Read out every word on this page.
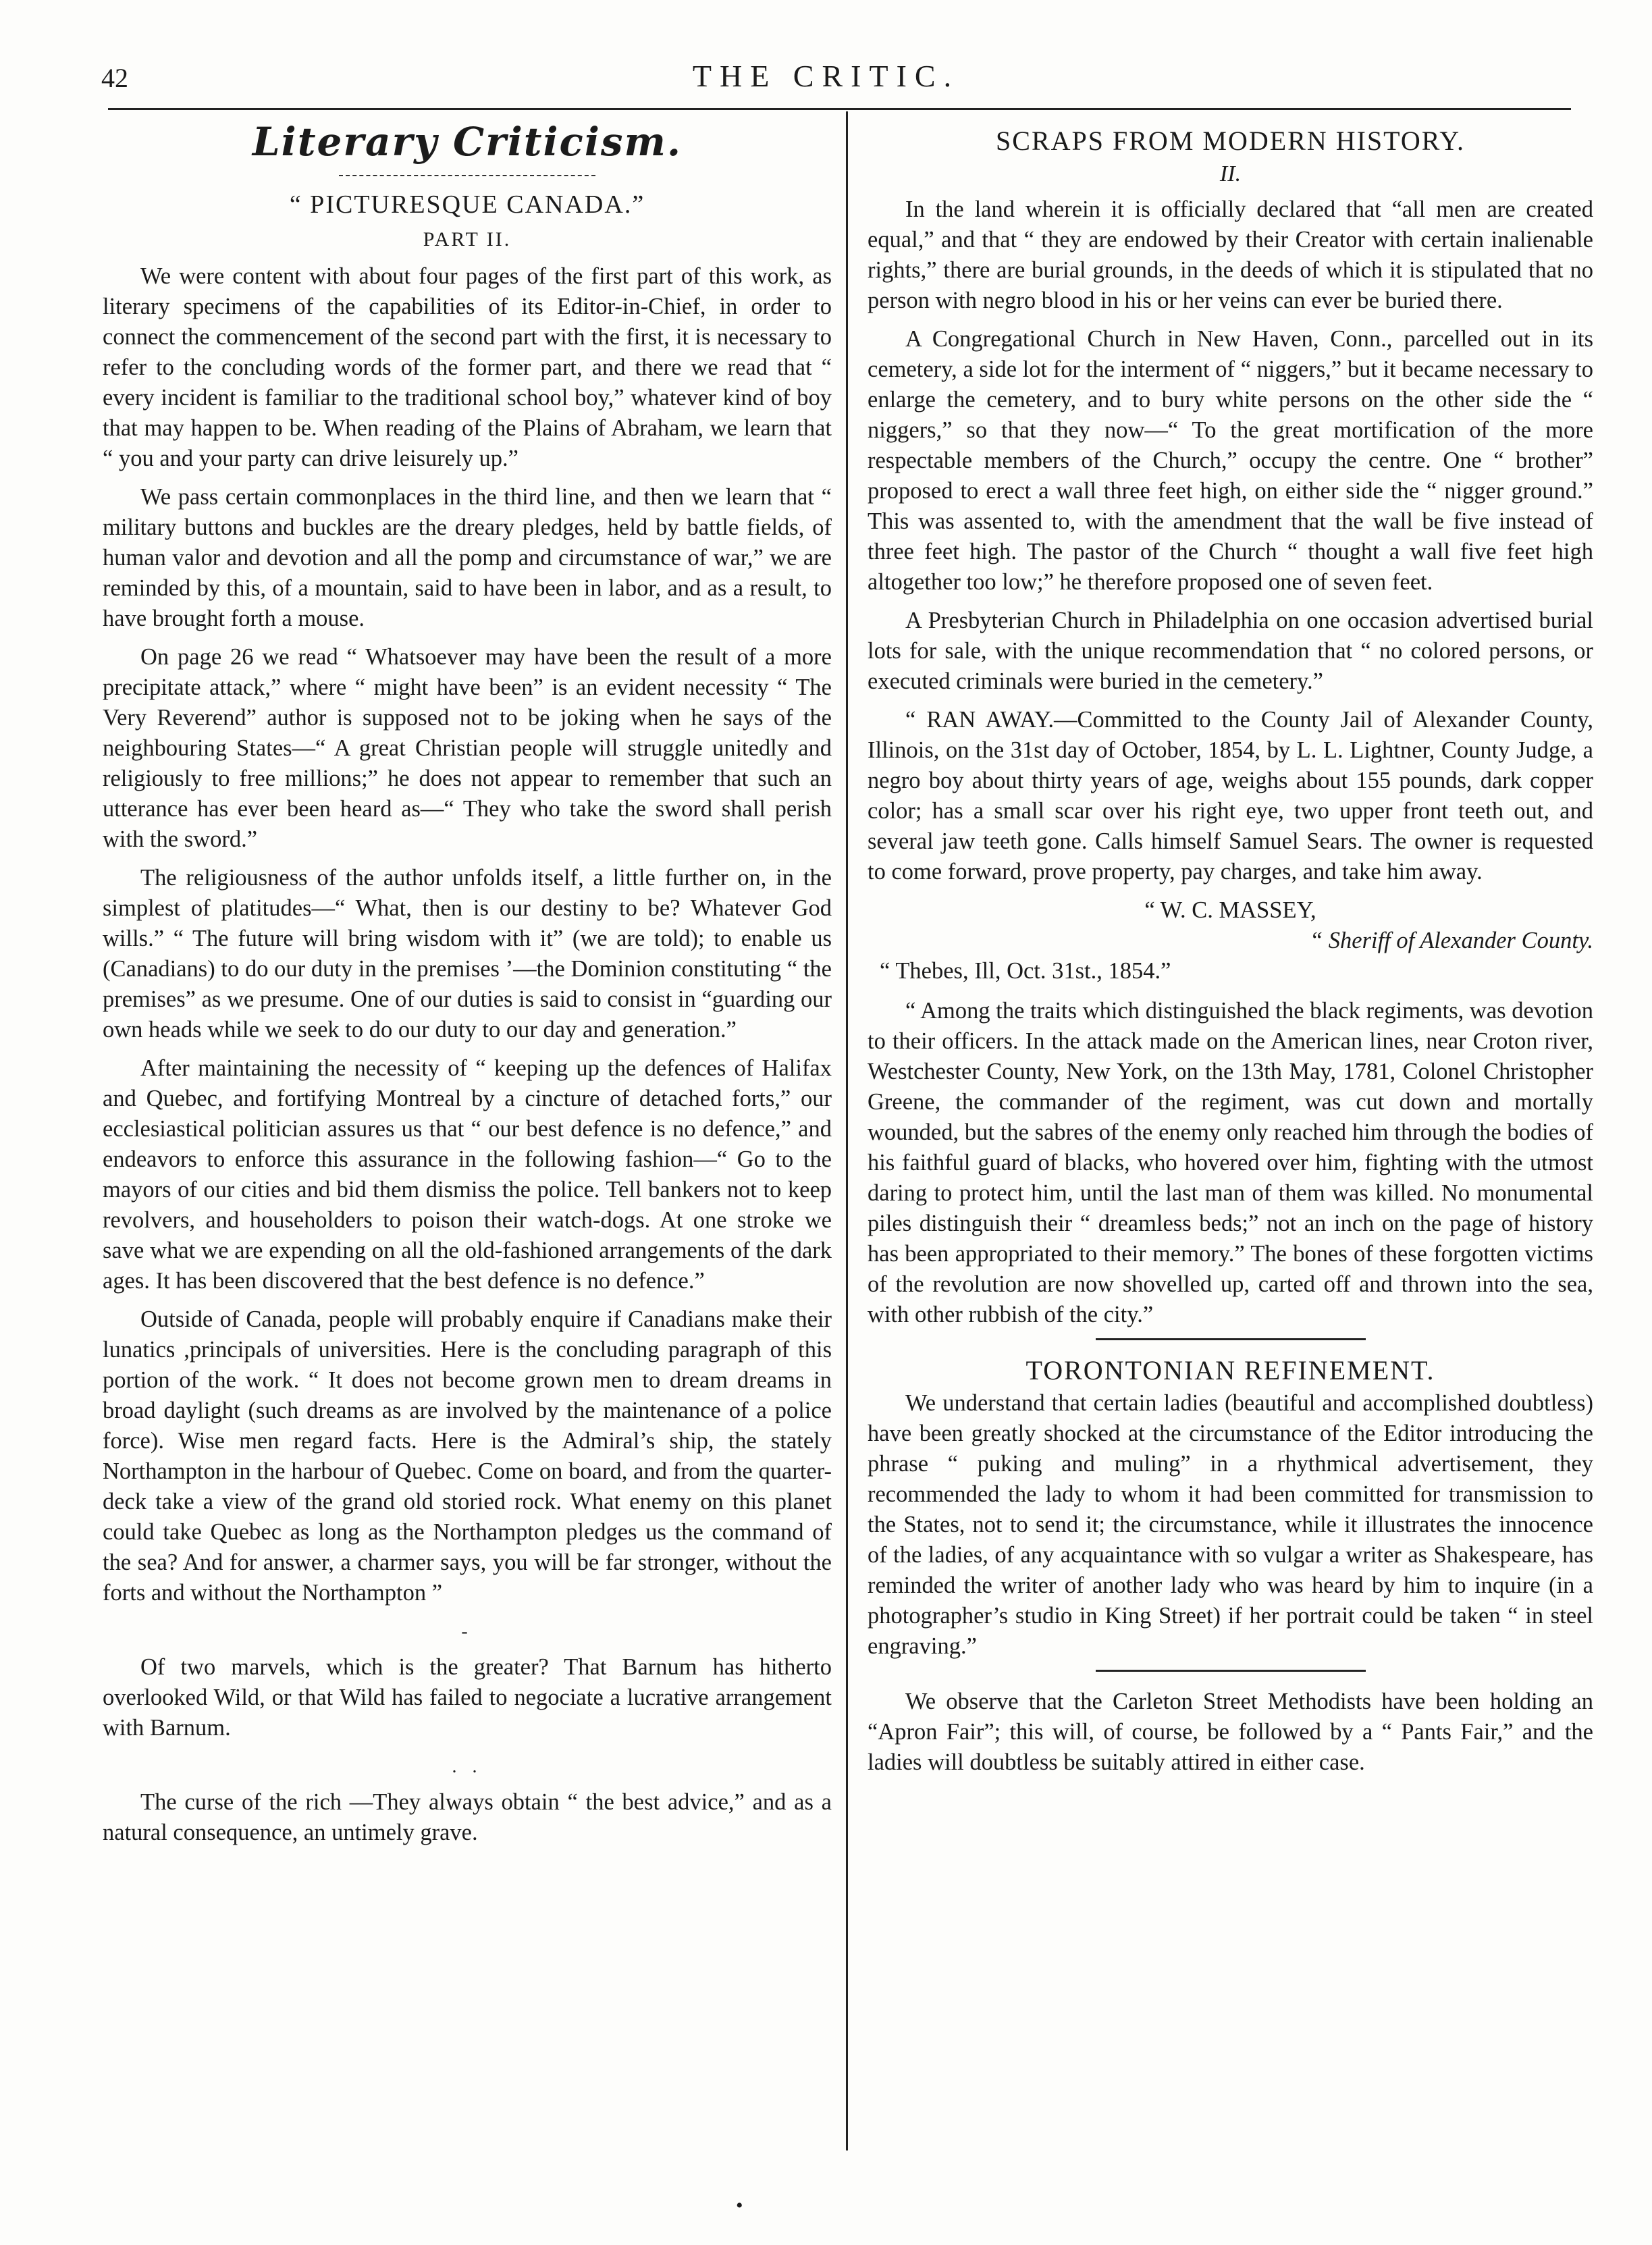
42	THE CRITIC.
Literary Criticism.
“ PICTURESQUE CANADA.”
PART II.

We were content with about four pages of the first part of this work, as literary specimens of the capabilities of its Editor-in-Chief, in order to connect the commencement of the second part with the first, it is necessary to refer to the concluding words of the former part, and there we read that “ every incident is familiar to the traditional school boy,” whatever kind of boy that may happen to be. When reading of the Plains of Abraham, we learn that “ you and your party can drive leisurely up.”

We pass certain commonplaces in the third line, and then we learn that “ military buttons and buckles are the dreary pledges, held by battle fields, of human valor and devotion and all the pomp and circumstance of war,” we are reminded by this, of a mountain, said to have been in labor, and as a result, to have brought forth a mouse.

On page 26 we read “ Whatsoever may have been the result of a more precipitate attack,” where “ might have been” is an evident necessity “ The Very Reverend” author is supposed not to be joking when he says of the neighbouring States—“ A great Christian people will struggle unitedly and religiously to free millions;” he does not appear to remember that such an utterance has ever been heard as—“ They who take the sword shall perish with the sword.”

The religiousness of the author unfolds itself, a little further on, in the simplest of platitudes—“ What, then is our destiny to be? Whatever God wills.” “ The future will bring wisdom with it” (we are told); to enable us (Canadians) to do our duty in the premises ’—the Dominion constituting “ the premises” as we presume. One of our duties is said to consist in “guarding our own heads while we seek to do our duty to our day and generation.”

After maintaining the necessity of “ keeping up the defences of Halifax and Quebec, and fortifying Montreal by a cincture of detached forts,” our ecclesiastical politician assures us that “ our best defence is no defence,” and endeavors to enforce this assurance in the following fashion—“ Go to the mayors of our cities and bid them dismiss the police. Tell bankers not to keep revolvers, and householders to poison their watch-dogs. At one stroke we save what we are expending on all the old-fashioned arrangements of the dark ages. It has been discovered that the best defence is no defence.”

Outside of Canada, people will probably enquire if Canadians make their lunatics ,principals of universities. Here is the concluding paragraph of this portion of the work. “ It does not become grown men to dream dreams in broad daylight (such dreams as are involved by the maintenance of a police force). Wise men regard facts. Here is the Admiral’s ship, the stately Northampton in the harbour of Quebec. Come on board, and from the quarter-deck take a view of the grand old storied rock. What enemy on this planet could take Quebec as long as the Northampton pledges us the command of the sea? And for answer, a charmer says, you will be far stronger, without the forts and without the Northampton ”

-

Of two marvels, which is the greater? That Barnum has hitherto overlooked Wild, or that Wild has failed to negociate a lucrative arrangement with Barnum.

. .

The curse of the rich —They always obtain “ the best advice,” and as a natural consequence, an untimely grave.

SCRAPS FROM MODERN HISTORY.
II.

In the land wherein it is officially declared that “all men are created equal,” and that “ they are endowed by their Creator with certain inalienable rights,” there are burial grounds, in the deeds of which it is stipulated that no person with negro blood in his or her veins can ever be buried there.

A Congregational Church in New Haven, Conn., parcelled out in its cemetery, a side lot for the interment of “ niggers,” but it became necessary to enlarge the cemetery, and to bury white persons on the other side the “ niggers,” so that they now—“ To the great mortification of the more respectable members of the Church,” occupy the centre. One “ brother” proposed to erect a wall three feet high, on either side the “ nigger ground.” This was assented to, with the amendment that the wall be five instead of three feet high. The pastor of the Church “ thought a wall five feet high altogether too low;” he therefore proposed one of seven feet.

A Presbyterian Church in Philadelphia on one occasion advertised burial lots for sale, with the unique recommendation that “ no colored persons, or executed criminals were buried in the cemetery.”

“ RAN AWAY.—Committed to the County Jail of Alexander County, Illinois, on the 31st day of October, 1854, by L. L. Lightner, County Judge, a negro boy about thirty years of age, weighs about 155 pounds, dark copper color; has a small scar over his right eye, two upper front teeth out, and several jaw teeth gone. Calls himself Samuel Sears. The owner is requested to come forward, prove property, pay charges, and take him away.

“ W. C. MASSEY,

“ Sheriff of Alexander County.

“ Thebes, Ill, Oct. 31st., 1854.”

“ Among the traits which distinguished the black regiments, was devotion to their officers. In the attack made on the American lines, near Croton river, Westchester County, New York, on the 13th May, 1781, Colonel Christopher Greene, the commander of the regiment, was cut down and mortally wounded, but the sabres of the enemy only reached him through the bodies of his faithful guard of blacks, who hovered over him, fighting with the utmost daring to protect him, until the last man of them was killed. No monumental piles distinguish their “ dreamless beds;” not an inch on the page of history has been appropriated to their memory.” The bones of these forgotten victims of the revolution are now shovelled up, carted off and thrown into the sea, with other rubbish of the city.”

TORONTONIAN REFINEMENT.

We understand that certain ladies (beautiful and accomplished doubtless) have been greatly shocked at the circumstance of the Editor introducing the phrase “ puking and muling” in a rhythmical advertisement, they recommended the lady to whom it had been committed for transmission to the States, not to send it; the circumstance, while it illustrates the innocence of the ladies, of any acquaintance with so vulgar a writer as Shakespeare, has reminded the writer of another lady who was heard by him to inquire (in a photographer’s studio in King Street) if her portrait could be taken “ in steel engraving.”

We observe that the Carleton Street Methodists have been holding an “Apron Fair”; this will, of course, be followed by a “ Pants Fair,” and the ladies will doubtless be suitably attired in either case.

•
